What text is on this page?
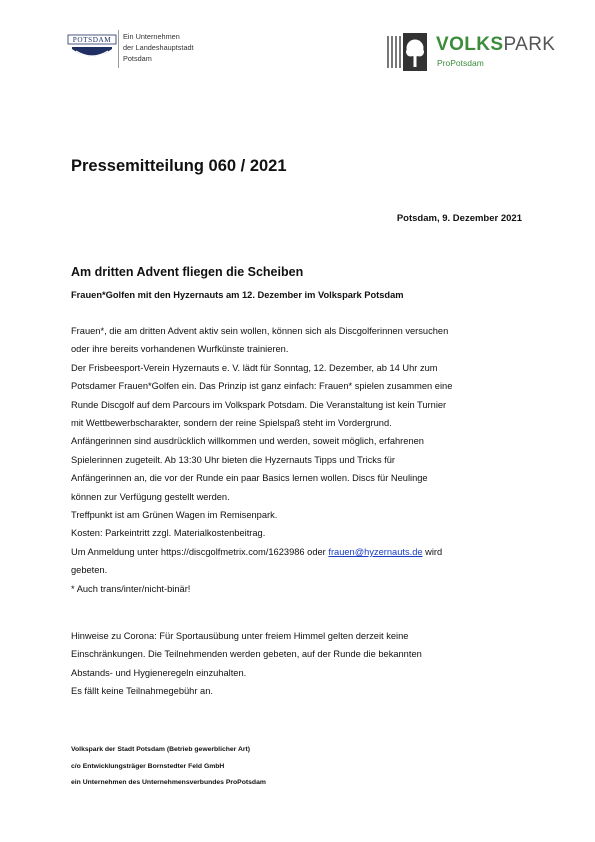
POTSDAM Ein Unternehmen
der Landeshauptstadt
Potsdam
VOLKSPARK
ProPotsdam
Pressemitteilung 060 / 2021
Potsdam, 9. Dezember 2021
Am dritten Advent fliegen die Scheiben
Frauen*Golfen mit den Hyzernauts am 12. Dezember im Volkspark Potsdam
Frauen*, die am dritten Advent aktiv sein wollen, können sich als Discgolferinnen versuchen
oder ihre bereits vorhandenen Wurfkünste trainieren.
Der Frisbeesport-Verein Hyzernauts e. V. lädt für Sonntag, 12. Dezember, ab 14 Uhr zum
Potsdamer Frauen*Golfen ein. Das Prinzip ist ganz einfach: Frauen* spielen zusammen eine
Runde Discgolf auf dem Parcours im Volkspark Potsdam. Die Veranstaltung ist kein Turnier
mit Wettbewerbscharakter, sondern der reine Spielspaß steht im Vordergrund.
Anfängerinnen sind ausdrücklich willkommen und werden, soweit möglich, erfahrenen
Spielerinnen zugeteilt. Ab 13:30 Uhr bieten die Hyzernauts Tipps und Tricks für
Anfängerinnen an, die vor der Runde ein paar Basics lernen wollen. Discs für Neulinge
können zur Verfügung gestellt werden.
Treffpunkt ist am Grünen Wagen im Remisenpark.
Kosten: Parkeintritt zzgl. Materialkostenbeitrag.
Um Anmeldung unter https://discgolfmetrix.com/1623986 oder frauen@hyzernauts.de wird
gebeten.
* Auch trans/inter/nicht-binär!
Hinweise zu Corona: Für Sportausübung unter freiem Himmel gelten derzeit keine
Einschränkungen. Die Teilnehmenden werden gebeten, auf der Runde die bekannten
Abstands- und Hygieneregeln einzuhalten.
Es fällt keine Teilnahmegebühr an.
Volkspark der Stadt Potsdam (Betrieb gewerblicher Art)
c/o Entwicklungsträger Bornstedter Feld GmbH
ein Unternehmen des Unternehmensverbundes ProPotsdam
